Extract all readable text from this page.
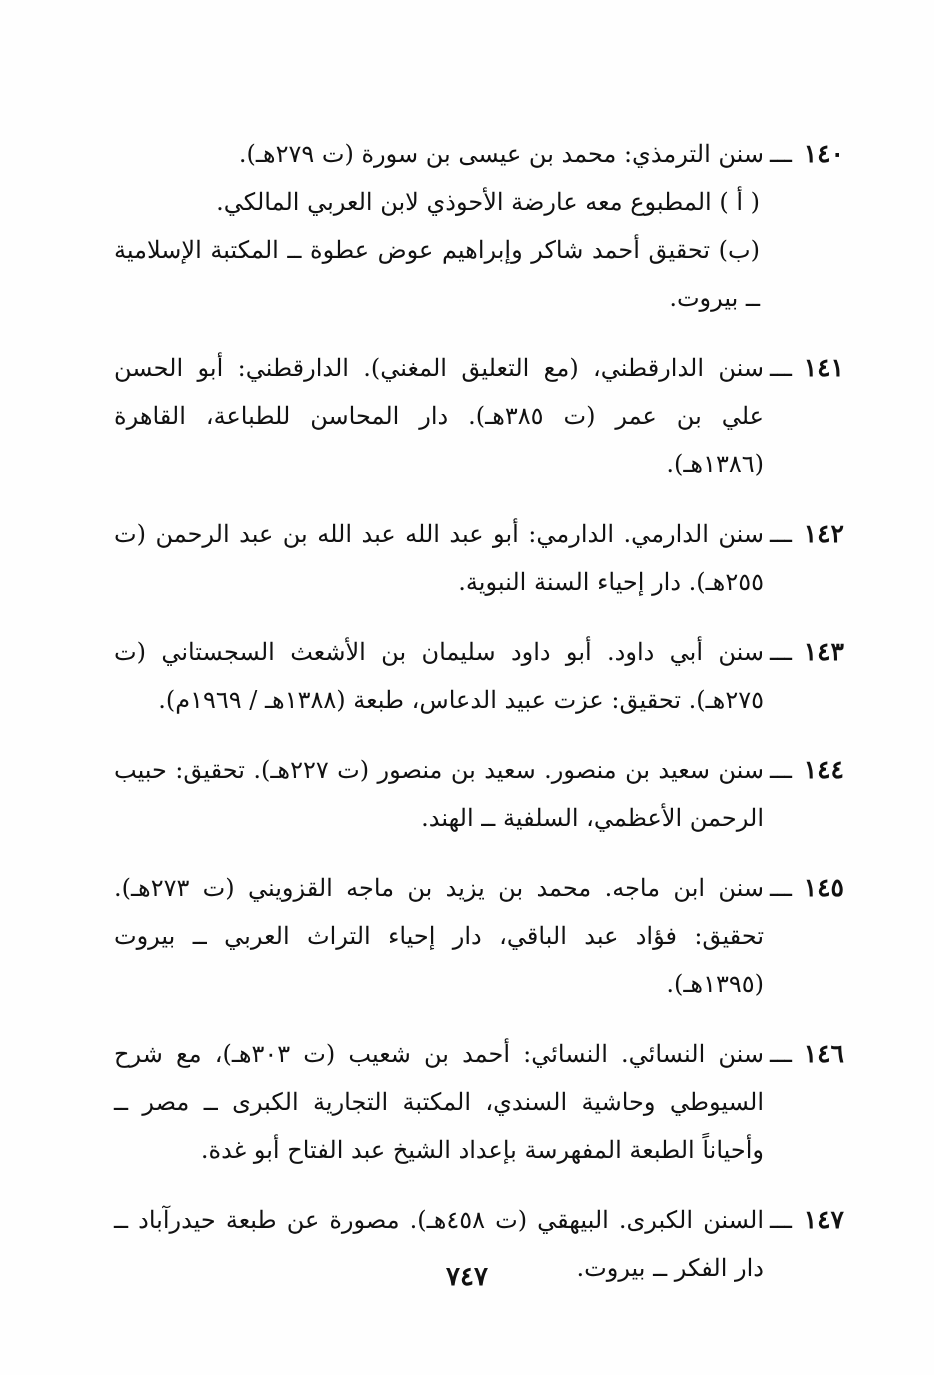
١٤٠
ـــ
سنن الترمذي: محمد بن عيسى بن سورة (ت ٢٧٩هـ).
( أ ) المطبوع معه عارضة الأحوذي لابن العربي المالكي.
(ب) تحقيق أحمد شاكر وإبراهيم عوض عطوة ــ المكتبة الإسلامية ــ بيروت.
١٤١
ـــ
سنن الدارقطني، (مع التعليق المغني). الدارقطني: أبو الحسن علي بن عمر (ت ٣٨٥هـ). دار المحاسن للطباعة، القاهرة (١٣٨٦هـ).
١٤٢
ـــ
سنن الدارمي. الدارمي: أبو عبد الله عبد الله بن عبد الرحمن (ت ٢٥٥هـ). دار إحياء السنة النبوية.
١٤٣
ـــ
سنن أبي داود. أبو داود سليمان بن الأشعث السجستاني (ت ٢٧٥هـ). تحقيق: عزت عبيد الدعاس، طبعة (١٣٨٨هـ / ١٩٦٩م).
١٤٤
ـــ
سنن سعيد بن منصور. سعيد بن منصور (ت ٢٢٧هـ). تحقيق: حبيب الرحمن الأعظمي، السلفية ــ الهند.
١٤٥
ـــ
سنن ابن ماجه. محمد بن يزيد بن ماجه القزويني (ت ٢٧٣هـ). تحقيق: فؤاد عبد الباقي، دار إحياء التراث العربي ــ بيروت (١٣٩٥هـ).
١٤٦
ـــ
سنن النسائي. النسائي: أحمد بن شعيب (ت ٣٠٣هـ)، مع شرح السيوطي وحاشية السندي، المكتبة التجارية الكبرى ــ مصر ــ وأحياناً الطبعة المفهرسة بإعداد الشيخ عبد الفتاح أبو غدة.
١٤٧
ـــ
السنن الكبرى. البيهقي (ت ٤٥٨هـ). مصورة عن طبعة حيدرآباد ــ دار الفكر ــ بيروت.
٧٤٧
